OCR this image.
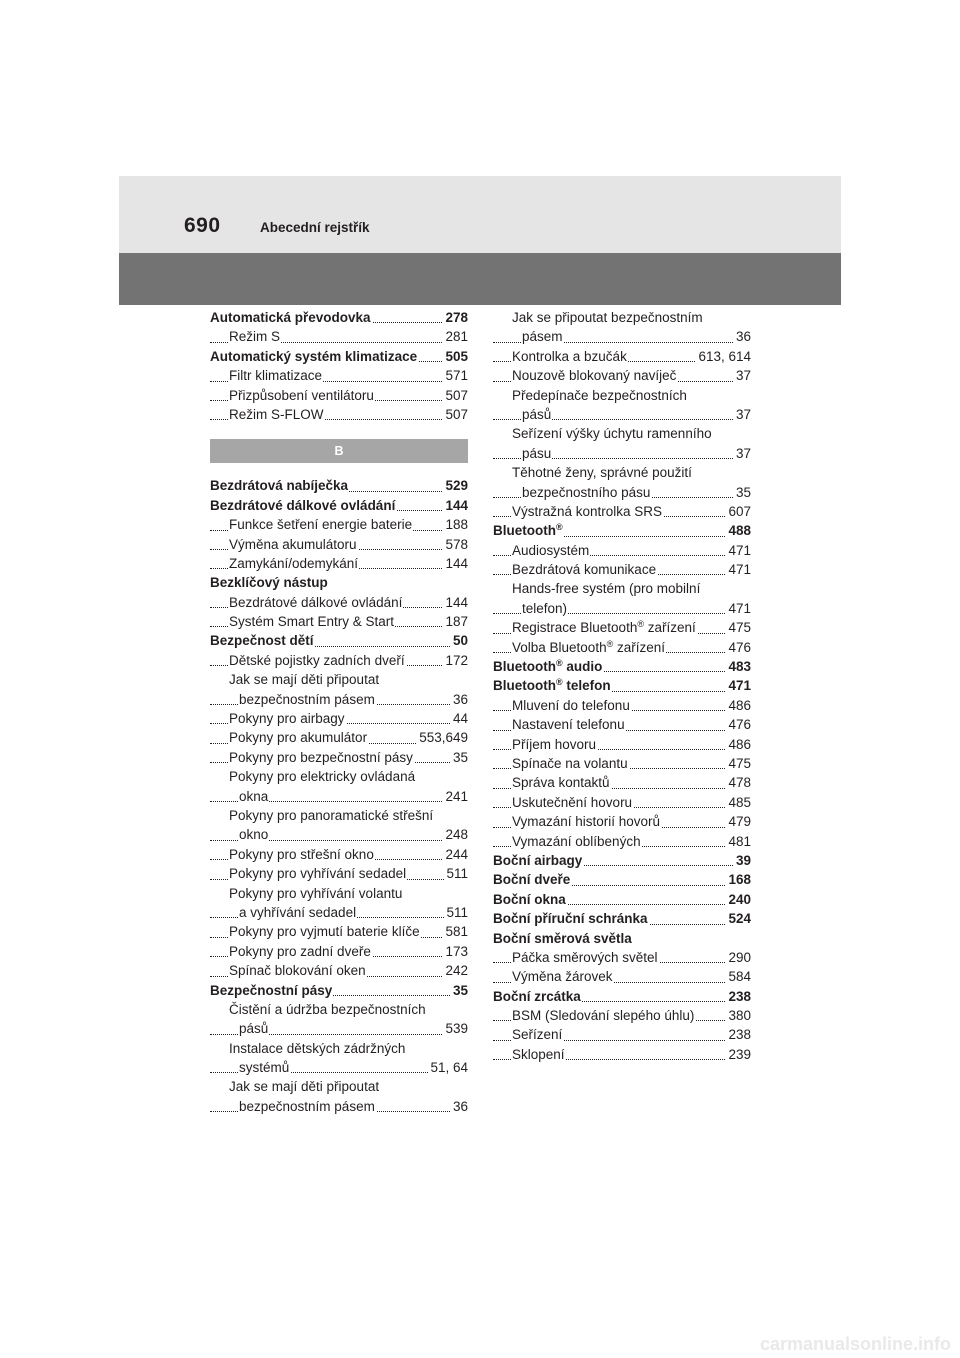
690	Abecední rejstřík
Automatická převodovka	278
Režim S	281
Automatický systém klimatizace 505
Filtr klimatizace	571
Přizpůsobení ventilátoru	507
Režim S-FLOW	507
B
Bezdrátová nabíječka	529
Bezdrátové dálkové ovládání	144
Funkce šetření energie baterie 188
Výměna akumulátoru	578
Zamykání/odemykání	144
Bezklíčový nástup
Bezdrátové dálkové ovládání	144
Systém Smart Entry & Start	187
Bezpečnost dětí	50
Dětské pojistky zadních dveří	172
Jak se mají děti připoutat
bezpečnostním pásem	36
Pokyny pro airbagy	44
Pokyny pro akumulátor	553,649
Pokyny pro bezpečnostní pásy	35
Pokyny pro elektricky ovládaná
okna	241
Pokyny pro panoramatické střešní
okno	248
Pokyny pro střešní okno	244
Pokyny pro vyhřívání sedadel	511
Pokyny pro vyhřívání volantu
a vyhřívání sedadel	511
Pokyny pro vyjmutí baterie klíče 581
Pokyny pro zadní dveře	173
Spínač blokování oken	242
Bezpečnostní pásy	35
Čistění a údržba bezpečnostních
pásů	539
Instalace dětských zádržných
systémů	51, 64
Jak se mají děti připoutat
bezpečnostním pásem	36
Jak se připoutat bezpečnostním
pásem	36
Kontrolka a bzučák	613, 614
Nouzově blokovaný navíječ	37
Předepínače bezpečnostních
pásů	37
Seřízení výšky úchytu ramenního
pásu	37
Těhotné ženy, správné použití
bezpečnostního pásu	35
Výstražná kontrolka SRS	607
Bluetooth®	488
Audiosystém	471
Bezdrátová komunikace	471
Hands-free systém (pro mobilní
telefon)	471
Registrace Bluetooth® zařízení 475
Volba Bluetooth® zařízení	476
Bluetooth® audio	483
Bluetooth® telefon	471
Mluvení do telefonu	486
Nastavení telefonu	476
Příjem hovoru	486
Spínače na volantu	475
Správa kontaktů	478
Uskutečnění hovoru	485
Vymazání historií hovorů	479
Vymazání oblíbených	481
Boční airbagy	39
Boční dveře	168
Boční okna	240
Boční příruční schránka	524
Boční směrová světla
Páčka směrových světel	290
Výměna žárovek	584
Boční zrcátka	238
BSM (Sledování slepého úhlu)	380
Seřízení	238
Sklopení	239
carmanualsonline.info
